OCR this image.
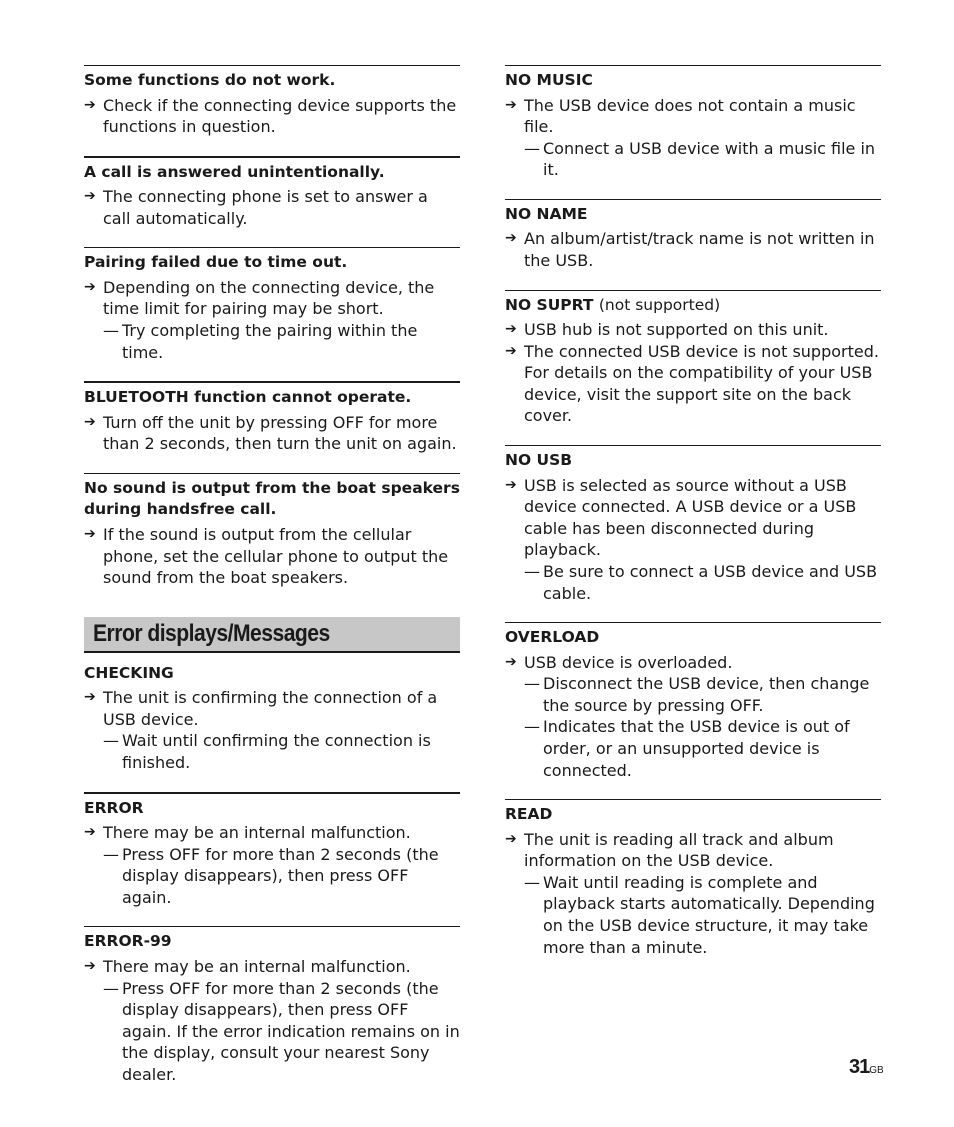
Some functions do not work.
➔ Check if the connecting device supports the functions in question.
A call is answered unintentionally.
➔ The connecting phone is set to answer a call automatically.
Pairing failed due to time out.
➔ Depending on the connecting device, the time limit for pairing may be short.
— Try completing the pairing within the time.
BLUETOOTH function cannot operate.
➔ Turn off the unit by pressing OFF for more than 2 seconds, then turn the unit on again.
No sound is output from the boat speakers during handsfree call.
➔ If the sound is output from the cellular phone, set the cellular phone to output the sound from the boat speakers.
Error displays/Messages
CHECKING
➔ The unit is confirming the connection of a USB device.
— Wait until confirming the connection is finished.
ERROR
➔ There may be an internal malfunction.
— Press OFF for more than 2 seconds (the display disappears), then press OFF again.
ERROR-99
➔ There may be an internal malfunction.
— Press OFF for more than 2 seconds (the display disappears), then press OFF again. If the error indication remains on in the display, consult your nearest Sony dealer.
NO MUSIC
➔ The USB device does not contain a music file.
— Connect a USB device with a music file in it.
NO NAME
➔ An album/artist/track name is not written in the USB.
NO SUPRT (not supported)
➔ USB hub is not supported on this unit.
➔ The connected USB device is not supported. For details on the compatibility of your USB device, visit the support site on the back cover.
NO USB
➔ USB is selected as source without a USB device connected. A USB device or a USB cable has been disconnected during playback.
— Be sure to connect a USB device and USB cable.
OVERLOAD
➔ USB device is overloaded.
— Disconnect the USB device, then change the source by pressing OFF.
— Indicates that the USB device is out of order, or an unsupported device is connected.
READ
➔ The unit is reading all track and album information on the USB device.
— Wait until reading is complete and playback starts automatically. Depending on the USB device structure, it may take more than a minute.
31GB
